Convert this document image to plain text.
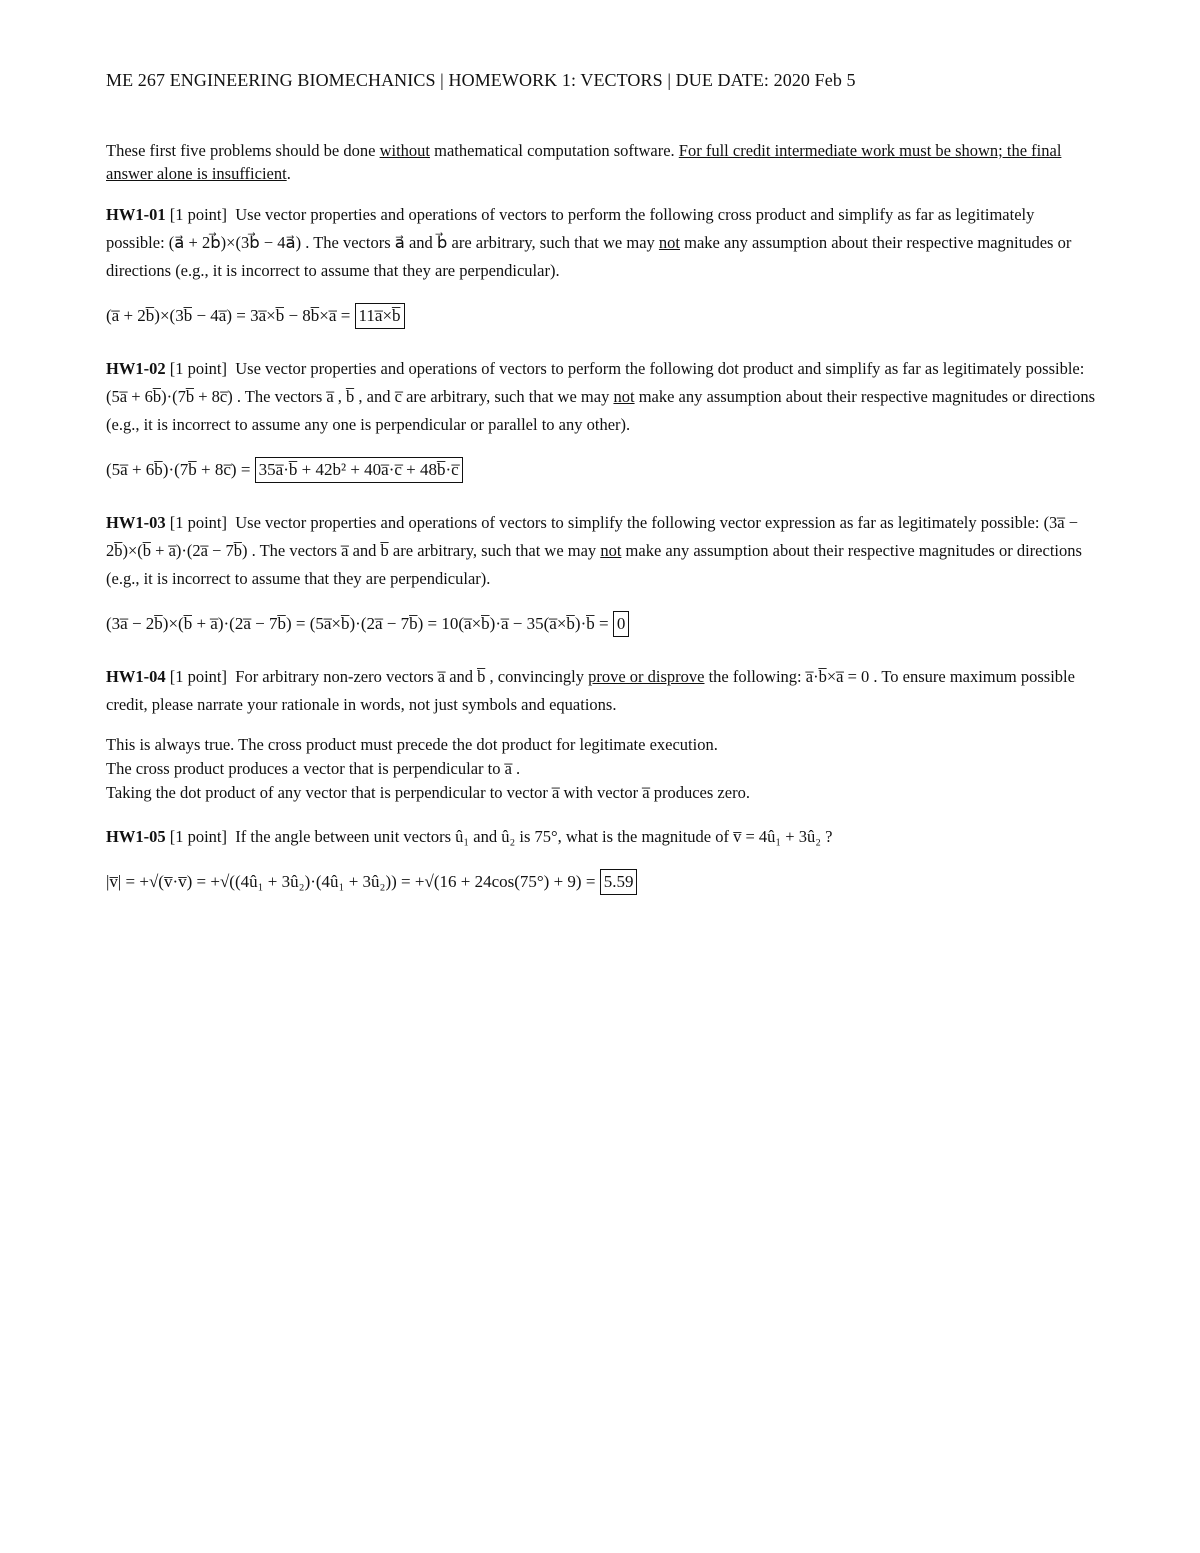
ME 267 ENGINEERING BIOMECHANICS | HOMEWORK 1: VECTORS | DUE DATE: 2020 Feb 5
These first five problems should be done without mathematical computation software. For full credit intermediate work must be shown; the final answer alone is insufficient.
HW1-01 [1 point] Use vector properties and operations of vectors to perform the following cross product and simplify as far as legitimately possible: (a⃗ + 2b⃗)×(3b⃗ − 4a⃗) . The vectors a⃗ and b⃗ are arbitrary, such that we may not make any assumption about their respective magnitudes or directions (e.g., it is incorrect to assume that they are perpendicular).
(a̅ + 2b̅)×(3b̅ − 4a̅) = 3a̅×b̅ − 8b̅×a̅ = 11a̅×b̅
HW1-02 [1 point] Use vector properties and operations of vectors to perform the following dot product and simplify as far as legitimately possible: (5a̅ + 6b̅)·(7b̅ + 8c̅) . The vectors a̅ , b̅ , and c̅ are arbitrary, such that we may not make any assumption about their respective magnitudes or directions (e.g., it is incorrect to assume any one is perpendicular or parallel to any other).
(5a̅ + 6b̅)·(7b̅ + 8c̅) = 35a̅·b̅ + 42b² + 40a̅·c̅ + 48b̅·c̅
HW1-03 [1 point] Use vector properties and operations of vectors to simplify the following vector expression as far as legitimately possible: (3a̅ − 2b̅)×(b̅ + a̅)·(2a̅ − 7b̅) . The vectors a̅ and b̅ are arbitrary, such that we may not make any assumption about their respective magnitudes or directions (e.g., it is incorrect to assume that they are perpendicular).
(3a̅ − 2b̅)×(b̅ + a̅)·(2a̅ − 7b̅) = (5a̅×b̅)·(2a̅ − 7b̅) = 10(a̅×b̅)·a̅ − 35(a̅×b̅)·b̅ = 0
HW1-04 [1 point] For arbitrary non-zero vectors a̅ and b̅ , convincingly prove or disprove the following: a̅·b̅×a̅ = 0 . To ensure maximum possible credit, please narrate your rationale in words, not just symbols and equations.
This is always true. The cross product must precede the dot product for legitimate execution.
The cross product produces a vector that is perpendicular to a̅ .
Taking the dot product of any vector that is perpendicular to vector a̅ with vector a̅ produces zero.
HW1-05 [1 point] If the angle between unit vectors û₁ and û₂ is 75°, what is the magnitude of v̅ = 4û₁ + 3û₂ ?
|v̅| = +√(v̅·v̅) = +√((4û₁ + 3û₂)·(4û₁ + 3û₂)) = +√(16 + 24cos(75°) + 9) = 5.59
